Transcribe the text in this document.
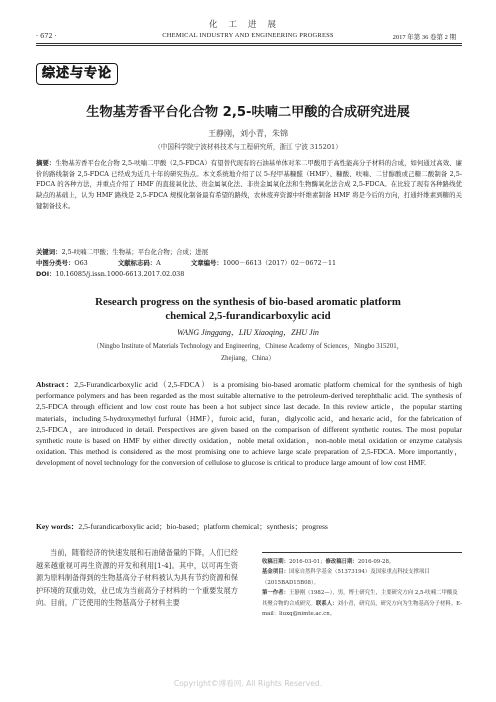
化工进展
· 672 ·	CHEMICAL INDUSTRY AND ENGINEERING PROGRESS	2017 年第 36 卷第 2 期
综述与专论
生物基芳香平台化合物 2,5-呋喃二甲酸的合成研究进展
王静刚，刘小青，朱锦
（中国科学院宁波材料技术与工程研究所，浙江 宁波 315201）
摘要：生物基芳香平台化合物 2,5-呋喃二甲酸（2,5-FDCA）有望替代现有的石油基单体对苯二甲酸用于高性能高分子材料的合成，如何通过高效、廉价的路线制备 2,5-FDCA 已经成为近几十年的研究热点。本文系统地介绍了以 5-羟甲基糠醛（HMF）、糠酸、呋喃、二甘醇酸或己糖二酸制备 2,5-FDCA 的各种方法，并重点介绍了 HMF 的直接氧化法、贵金属氧化法、非贵金属氧化法和生物酶氧化法合成 2,5-FDCA。在比较了现有各种路线优缺点的基础上，认为 HMF 路线是 2,5-FDCA 规模化制备最有希望的路线，农林废弃资源中纤维素制备 HMF 将是今后的方向，打通纤维素到糖的关键制备技术。
关键词：2,5-呋喃二甲酸；生物基；平台化合物；合成；进展
中图分类号：O63	文献标志码：A	文章编号：1000－6613（2017）02－0672－11
DOI：10.16085/j.issn.1000-6613.2017.02.038
Research progress on the synthesis of bio-based aromatic platform
chemical 2,5-furandicarboxylic acid
WANG Jinggang，LIU Xiaoqing，ZHU Jin
（Ningbo Institute of Materials Technology and Engineering，Chinese Academy of Sciences，Ningbo 315201，
Zhejiang，China）
Abstract：2,5-Furandicarboxylic acid（2,5-FDCA） is a promising bio-based aromatic platform chemical for the synthesis of high performance polymers and has been regarded as the most suitable alternative to the petroleum-derived terephthalic acid. The synthesis of 2,5-FDCA through efficient and low cost route has been a hot subject since last decade. In this review article，the popular starting materials，including 5-hydroxymethyl furfural（HMF），furoic acid，furan，diglycolic acid，and hexaric acid，for the fabrication of 2,5-FDCA，are introduced in detail. Perspectives are given based on the comparison of different synthetic routes. The most popular synthetic route is based on HMF by either directly oxidation，noble metal oxidation，non-noble metal oxidation or enzyme catalysis oxidation. This method is considered as the most promising one to achieve large scale preparation of 2,5-FDCA. More importantly，development of novel technology for the conversion of cellulose to glucose is critical to produce large amount of low cost HMF.
Key words：2,5-furandicarboxylic acid；bio-based；platform chemical；synthesis；progress

当前，随着经济的快速发展和石油储备量的下降，人们已经越来越重视可再生资源的开发和利用[1-4]。其中，以可再生资源为原料制备得到的生物基高分子材料被认为具有节约资源和保护环境的双重功效，业已成为当前高分子材料的一个重要发展方向。目前，广泛使用的生物基高分子材料主要

收稿日期：2016-03-01；修改稿日期：2016-09-28。

基金项目：国家自然科学基金（51373194）及国家重点科技支撑项目（2015BAD15B08）。

第一作者：王静刚（1982—），男，博士研究生，主要研究方向 2,5-呋喃二甲酸及其聚合物的合成研究。联系人：刘小青，研究员，研究方向为生物基高分子材料。E-mail：liuxq@nimte.ac.cn。

Copyright©博看网. All Rights Reserved.
